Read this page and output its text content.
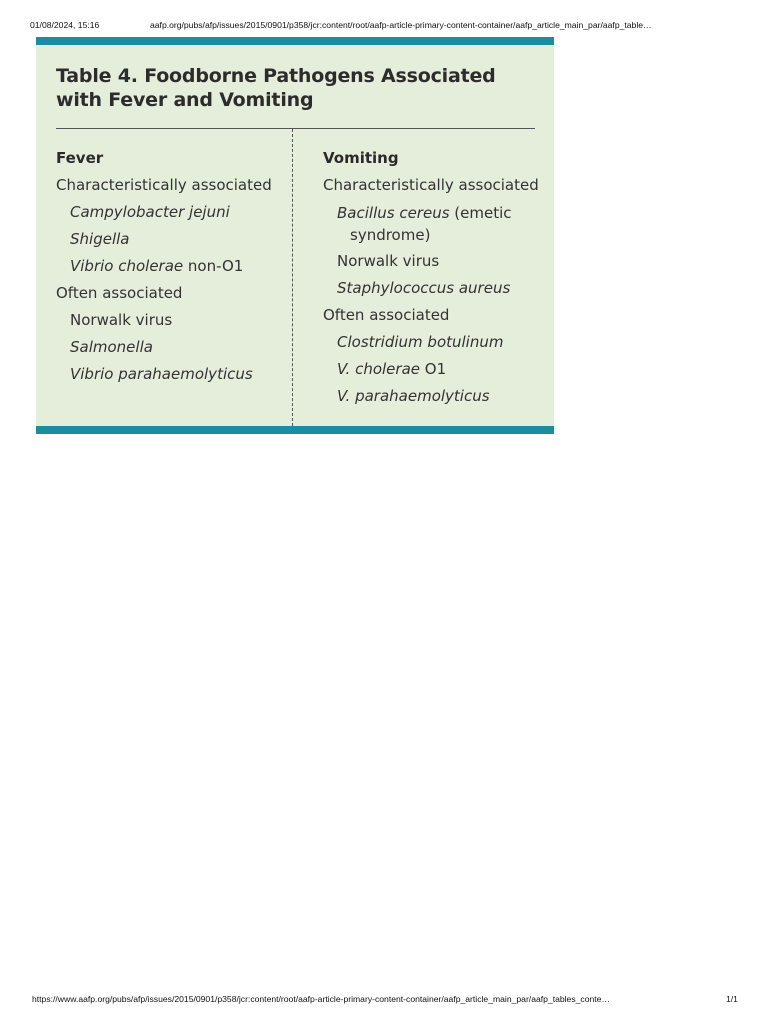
01/08/2024, 15:16	aafp.org/pubs/afp/issues/2015/0901/p358/jcr:content/root/aafp-article-primary-content-container/aafp_article_main_par/aafp_table…
Table 4. Foodborne Pathogens Associated
with Fever and Vomiting
Fever
Characteristically associated
Campylobacter jejuni
Shigella
Vibrio cholerae non-O1
Often associated
Norwalk virus
Salmonella
Vibrio parahaemolyticus
Vomiting
Characteristically associated
Bacillus cereus (emetic
syndrome)
Norwalk virus
Staphylococcus aureus
Often associated
Clostridium botulinum
V. cholerae O1
V. parahaemolyticus
https://www.aafp.org/pubs/afp/issues/2015/0901/p358/jcr:content/root/aafp-article-primary-content-container/aafp_article_main_par/aafp_tables_conte…	1/1
